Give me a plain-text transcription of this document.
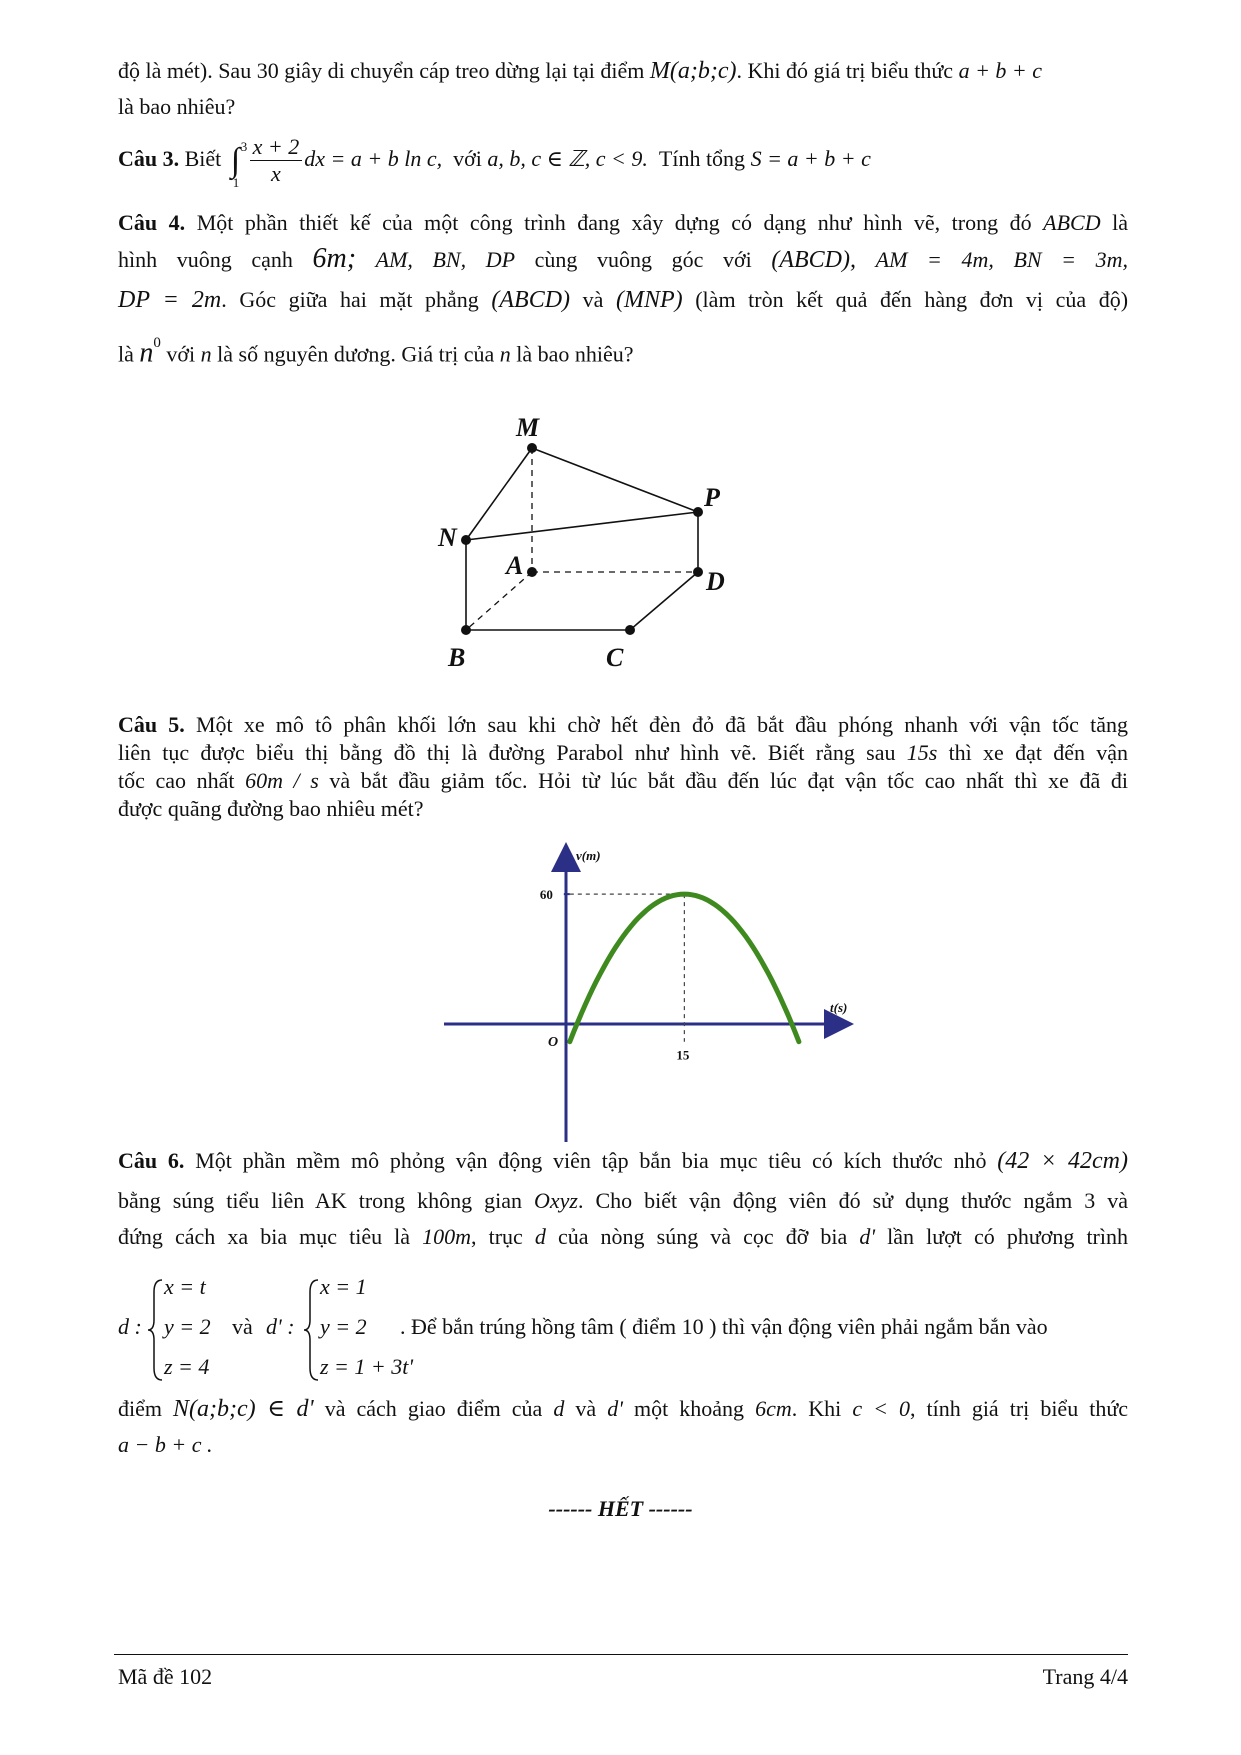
độ là mét). Sau 30 giây di chuyển cáp treo dừng lại tại điểm M(a;b;c). Khi đó giá trị biểu thức a + b + c
là bao nhiêu?
Câu 3. Biết ∫ 3
1
$\frac{x + 2}{x}$ dx = a + b ln c, với a, b, c ∈ ℤ, c < 9. Tính tổng S = a + b + c
Câu 4. Một phần thiết kế của một công trình đang xây dựng có dạng như hình vẽ, trong đó ABCD là
hình vuông cạnh 6m; AM, BN, DP cùng vuông góc với (ABCD), AM = 4m, BN = 3m,
DP = 2m. Góc giữa hai mặt phẳng (ABCD) và (MNP) (làm tròn kết quả đến hàng đơn vị của độ)
là $n^0$ với n là số nguyên dương. Giá trị của n là bao nhiêu?
M
P
N
A
D
B	C
Câu 5. Một xe mô tô phân khối lớn sau khi chờ hết đèn đỏ đã bắt đầu phóng nhanh với vận tốc tăng
liên tục được biểu thị bằng đồ thị là đường Parabol như hình vẽ. Biết rằng sau 15s thì xe đạt đến vận
tốc cao nhất 60m / s và bắt đầu giảm tốc. Hỏi từ lúc bắt đầu đến lúc đạt vận tốc cao nhất thì xe đã đi
được quãng đường bao nhiêu mét?
v(m)
t(s)
O
15
60
Câu 6. Một phần mềm mô phỏng vận động viên tập bắn bia mục tiêu có kích thước nhỏ (42 × 42cm)
bằng súng tiểu liên AK trong không gian Oxyz. Cho biết vận động viên đó sử dụng thước ngắm 3 và
đứng cách xa bia mục tiêu là 100m, trục d của nòng súng và cọc đỡ bia d' lần lượt có phương trình
d :
x = t
y = 2
z = 4
và d' :
x = 1
y = 2
z = 1 + 3t'
. Để bắn trúng hồng tâm ( điểm 10 ) thì vận động viên phải ngắm bắn vào
điểm N(a;b;c) ∈ d' và cách giao điểm của d và d' một khoảng 6cm. Khi c < 0, tính giá trị biểu thức
a − b + c .
------ HẾT ------
Mã đề 102	Trang 4/4
